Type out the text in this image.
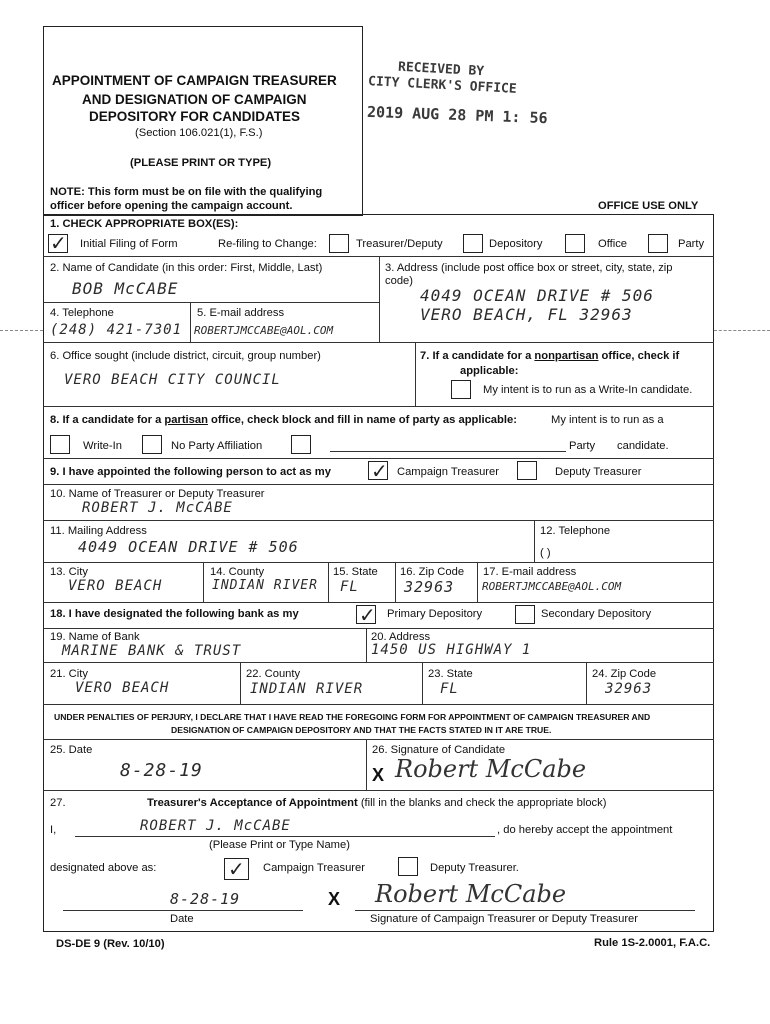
APPOINTMENT OF CAMPAIGN TREASURER
AND DESIGNATION OF CAMPAIGN
DEPOSITORY FOR CANDIDATES
(Section 106.021(1), F.S.)
(PLEASE PRINT OR TYPE)
NOTE: This form must be on file with the qualifying
officer before opening the campaign account.	OFFICE USE ONLY
RECEIVED BY
CITY CLERK'S OFFICE
2019 AUG 28 PM 1: 56
1. CHECK APPROPRIATE BOX(ES):
✓ Initial Filing of Form	Re-filing to Change:	Treasurer/Deputy	Depository	Office	Party
2. Name of Candidate (in this order: First, Middle, Last)
BOB McCABE
3. Address (include post office box or street, city, state, zip
code)
4049 OCEAN DRIVE # 506
VERO BEACH, FL 32963
4. Telephone
(248) 421-7301
5. E-mail address
ROBERTJMCCABE@AOL.COM
6. Office sought (include district, circuit, group number)
VERO BEACH CITY COUNCIL
7. If a candidate for a nonpartisan office, check if
applicable:
My intent is to run as a Write-In candidate.
8. If a candidate for a partisan office, check block and fill in name of party as applicable:	My intent is to run as a
Write-In	No Party Affiliation	Party candidate.
9. I have appointed the following person to act as my ✓ Campaign Treasurer	Deputy Treasurer
10. Name of Treasurer or Deputy Treasurer
ROBERT J. McCABE
11. Mailing Address
4049 OCEAN DRIVE # 506
12. Telephone
( )
13. City
VERO BEACH
14. County
INDIAN RIVER
15. State
FL
16. Zip Code
32963
17. E-mail address
ROBERTJMCCABE@AOL.COM
18. I have designated the following bank as my	✓ Primary Depository	Secondary Depository
19. Name of Bank
MARINE BANK & TRUST
20. Address
1450 US HIGHWAY 1
21. City
VERO BEACH
22. County
INDIAN RIVER
23. State
FL
24. Zip Code
32963
UNDER PENALTIES OF PERJURY, I DECLARE THAT I HAVE READ THE FOREGOING FORM FOR APPOINTMENT OF CAMPAIGN TREASURER AND
DESIGNATION OF CAMPAIGN DEPOSITORY AND THAT THE FACTS STATED IN IT ARE TRUE.
25. Date
8-28-19
26. Signature of Candidate
X Robert McCabe
27.	Treasurer's Acceptance of Appointment (fill in the blanks and check the appropriate block)
I,	ROBERT J. McCABE	, do hereby accept the appointment
(Please Print or Type Name)
designated above as:	✓ Campaign Treasurer	Deputy Treasurer.
8-28-19	X Robert McCabe
Date	Signature of Campaign Treasurer or Deputy Treasurer
DS-DE 9 (Rev. 10/10)	Rule 1S-2.0001, F.A.C.
